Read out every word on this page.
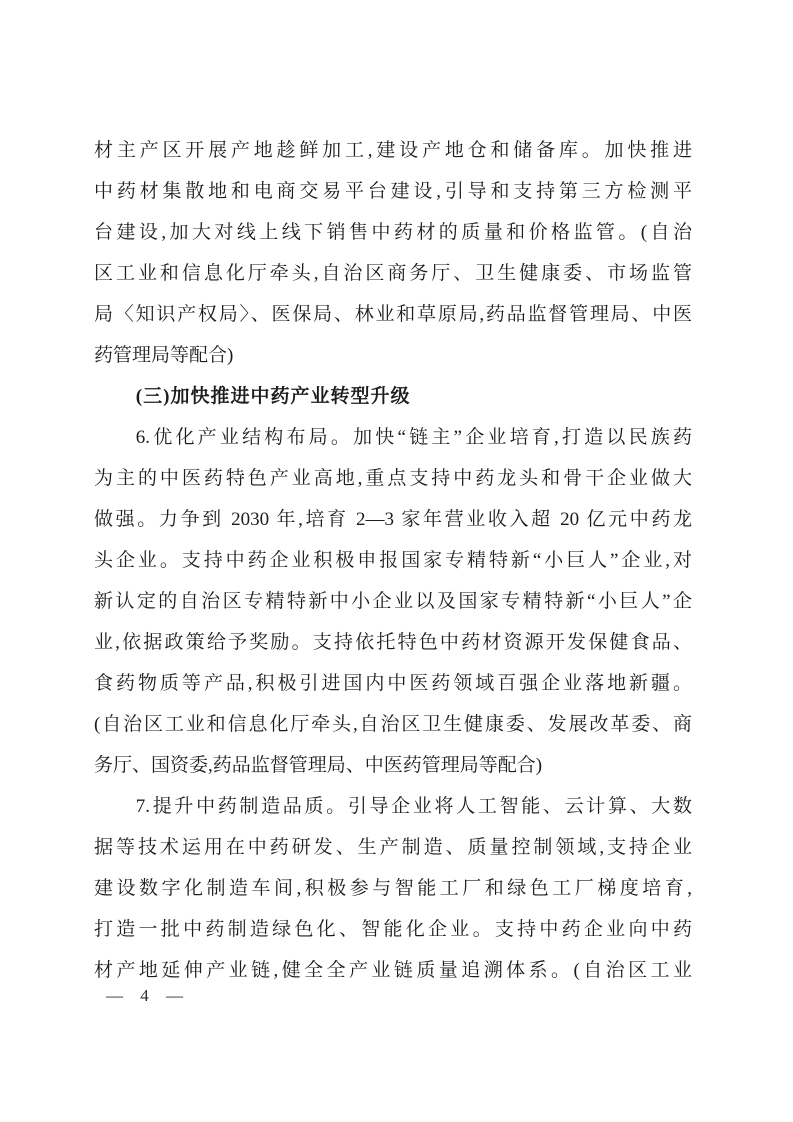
材主产区开展产地趁鲜加工,建设产地仓和储备库。加快推进
中药材集散地和电商交易平台建设,引导和支持第三方检测平
台建设,加大对线上线下销售中药材的质量和价格监管。(自治
区工业和信息化厅牵头,自治区商务厅、卫生健康委、市场监管
局〈知识产权局〉、医保局、林业和草原局,药品监督管理局、中医
药管理局等配合)
(三)加快推进中药产业转型升级
6.优化产业结构布局。加快“链主”企业培育,打造以民族药
为主的中医药特色产业高地,重点支持中药龙头和骨干企业做大
做强。力争到 2030 年,培育 2—3 家年营业收入超 20 亿元中药龙
头企业。支持中药企业积极申报国家专精特新“小巨人”企业,对
新认定的自治区专精特新中小企业以及国家专精特新“小巨人”企
业,依据政策给予奖励。支持依托特色中药材资源开发保健食品、
食药物质等产品,积极引进国内中医药领域百强企业落地新疆。
(自治区工业和信息化厅牵头,自治区卫生健康委、发展改革委、商
务厅、国资委,药品监督管理局、中医药管理局等配合)
7.提升中药制造品质。引导企业将人工智能、云计算、大数
据等技术运用在中药研发、生产制造、质量控制领域,支持企业
建设数字化制造车间,积极参与智能工厂和绿色工厂梯度培育,
打造一批中药制造绿色化、智能化企业。支持中药企业向中药
材产地延伸产业链,健全全产业链质量追溯体系。(自治区工业
— 4 —
